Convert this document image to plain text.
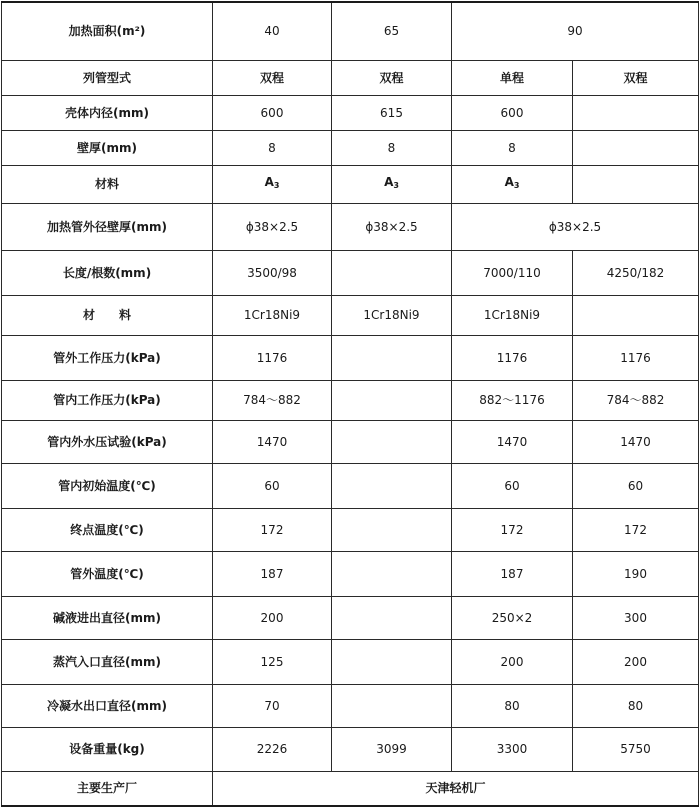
加热面积(m²)	40	65	90	
列管型式	双程	双程	单程	双程
壳体内径(mm)	600	615	600	
壁厚(mm)	8	8	8	
材料	$A_3$	$A_3$	$A_3$	
加热管外径壁厚(mm)	ϕ38×2.5	ϕ38×2.5	ϕ38×2.5	
长度/根数(mm)	3500/98		7000/110	4250/182
材　　料	1Cr18Ni9	1Cr18Ni9	1Cr18Ni9	
管外工作压力(kPa)	1176		1176	1176
管内工作压力(kPa)	784～882		882～1176	784～882
管内外水压试验(kPa)	1470		1470	1470
管内初始温度(℃)	60		60	60
终点温度(℃)	172		172	172
管外温度(℃)	187		187	190
碱液进出直径(mm)	200		250×2	300
蒸汽入口直径(mm)	125		200	200
冷凝水出口直径(mm)	70		80	80
设备重量(kg)	2226	3099	3300	5750
主要生产厂	天津轻机厂			
